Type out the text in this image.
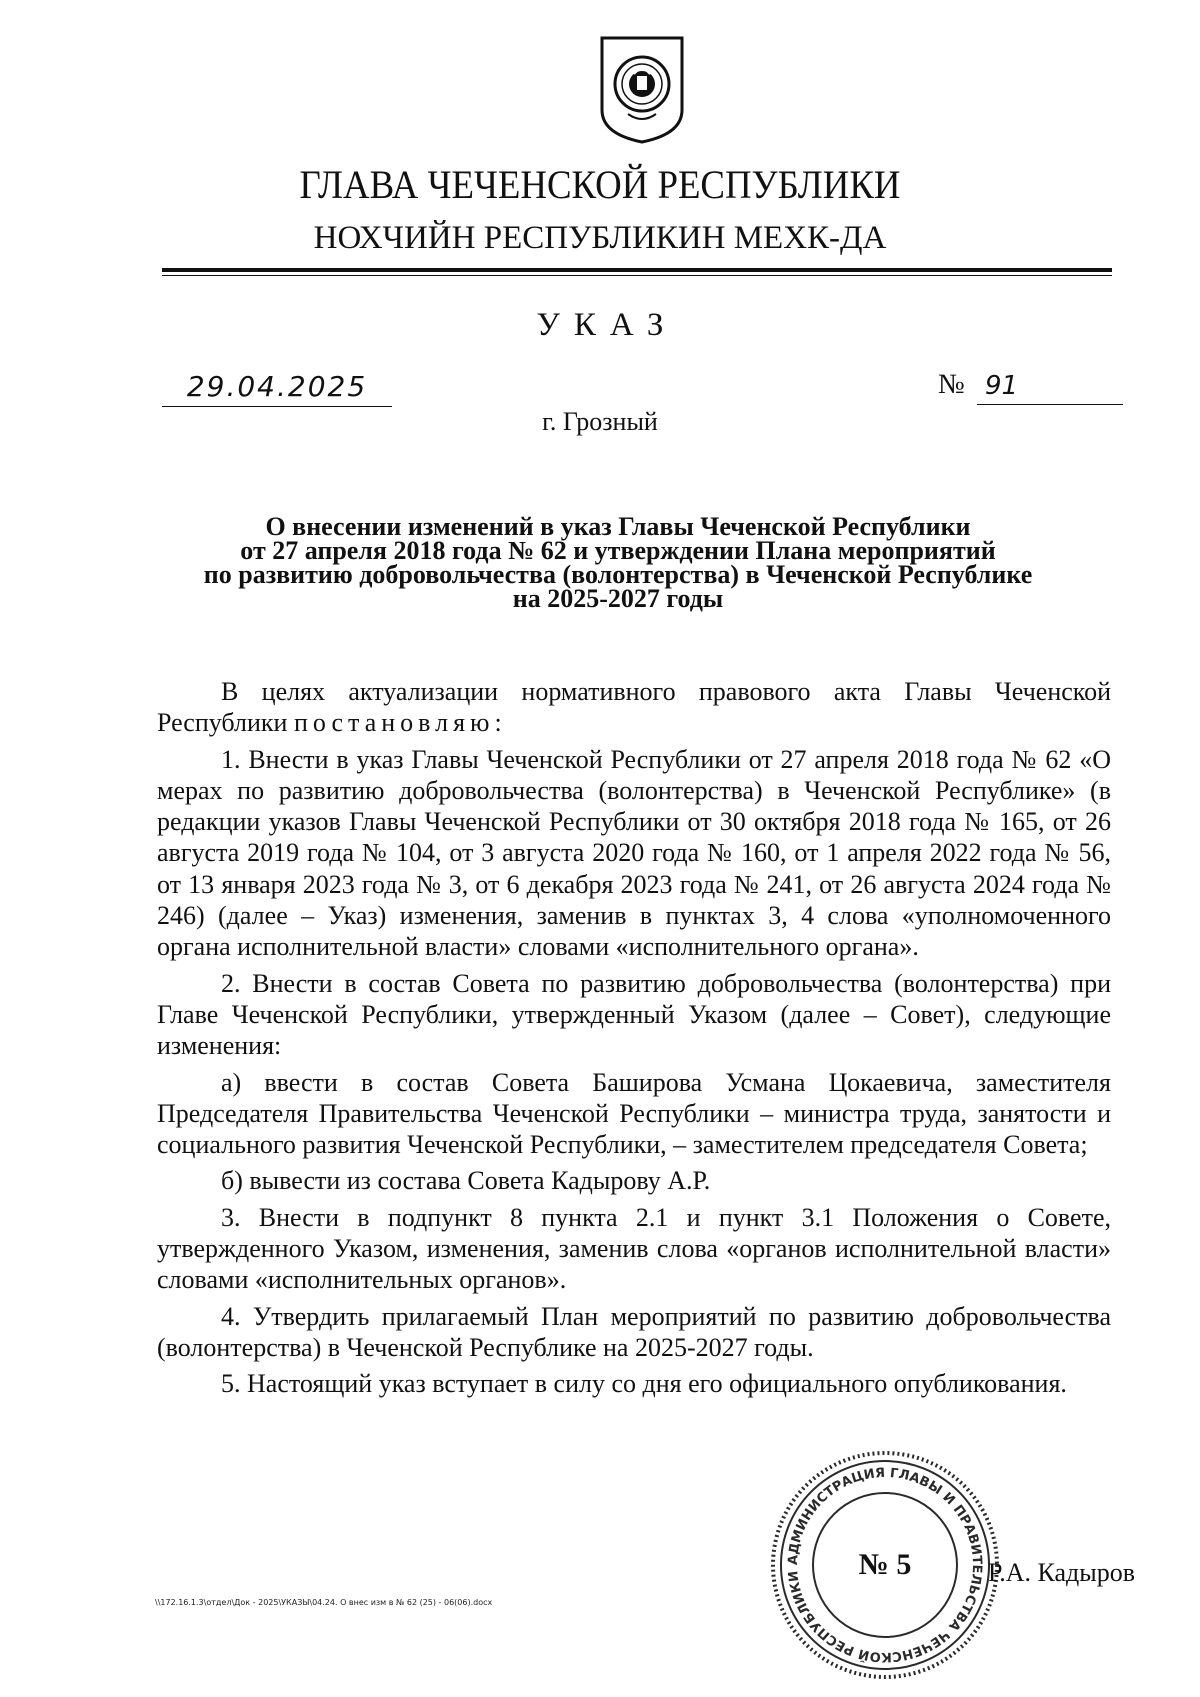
ГЛАВА ЧЕЧЕНСКОЙ РЕСПУБЛИКИ
НОХЧИЙН РЕСПУБЛИКИН МЕХК-ДА
УКАЗ
29.04.2025	№ 91
г. Грозный
О внесении изменений в указ Главы Чеченской Республики
от 27 апреля 2018 года № 62 и утверждении Плана мероприятий
по развитию добровольчества (волонтерства) в Чеченской Республике
на 2025-2027 годы

В целях актуализации нормативного правового акта Главы Чеченской Республики постановляю:

1. Внести в указ Главы Чеченской Республики от 27 апреля 2018 года № 62 «О мерах по развитию добровольчества (волонтерства) в Чеченской Республике» (в редакции указов Главы Чеченской Республики от 30 октября 2018 года № 165, от 26 августа 2019 года № 104, от 3 августа 2020 года № 160, от 1 апреля 2022 года № 56, от 13 января 2023 года № 3, от 6 декабря 2023 года № 241, от 26 августа 2024 года № 246) (далее – Указ) изменения, заменив в пунктах 3, 4 слова «уполномоченного органа исполнительной власти» словами «исполнительного органа».

2. Внести в состав Совета по развитию добровольчества (волонтерства) при Главе Чеченской Республики, утвержденный Указом (далее – Совет), следующие изменения:

а) ввести в состав Совета Баширова Усмана Цокаевича, заместителя Председателя Правительства Чеченской Республики – министра труда, занятости и социального развития Чеченской Республики, – заместителем председателя Совета;

б) вывести из состава Совета Кадырову А.Р.

3. Внести в подпункт 8 пункта 2.1 и пункт 3.1 Положения о Совете, утвержденного Указом, изменения, заменив слова «органов исполнительной власти» словами «исполнительных органов».

4. Утвердить прилагаемый План мероприятий по развитию добровольчества (волонтерства) в Чеченской Республике на 2025-2027 годы.

5. Настоящий указ вступает в силу со дня его официального опубликования.

АДМИНИСТРАЦИЯ ГЛАВЫ И ПРАВИТЕЛЬСТВА ЧЕЧЕНСКОЙ РЕСПУБЛИКИ	№ 5	Р.А. Кадыров
\\172.16.1.3\отдел\Док - 2025\УКАЗЫ\04.24. О внес изм в № 62 (25) - 06(06).docx
